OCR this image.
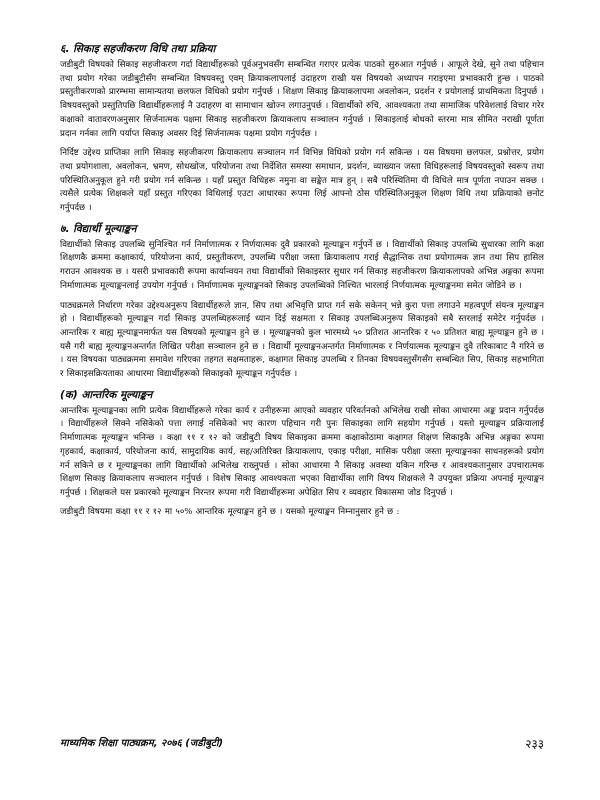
६. सिकाइ सहजीकरण विधि तथा प्रक्रिया

जडीबुटी विषयको सिकाइ सहजीकरण गर्दा विद्यार्थीहरूको पूर्वअनुभवसँग सम्बन्धित गराएर प्रत्येक पाठको सुरुआत गर्नुपर्छ । आफूले देखे, सुने तथा पहिचान तथा प्रयोग गरेका जडीबुटीसँग सम्बन्धित विषयवस्तु एवम् क्रियाकलापलाई उदाहरण राखी यस विषयको अध्यापन गराइएमा प्रभावकारी हुन्छ । पाठको प्रस्तुतीकरणको प्रारम्भमा सामान्यतया छलफल विधिको प्रयोग गर्नुपर्छ । शिक्षण सिकाइ क्रियाकलापमा अवलोकन, प्रदर्शन र प्रयोगलाई प्राथमिकता दिनुपर्छ । विषयवस्तुको प्रस्तुतिपछि विद्यार्थीहरूलाई नै उदाहरण वा सामाधान खोज्न लगाउनुपर्छ । विद्यार्थीको रुचि, आवश्यकता तथा सामाजिक परिवेशलाई विचार गरेर कक्षाको वातावरणअनुसार सिर्जनात्मक पक्षमा सिकाइ सहजीकरण क्रियाकलाप सञ्चालन गर्नुपर्छ । सिकाइलाई बोधको स्तरमा मात्र सीमित नराखी पूर्णता प्रदान गर्नका लागि पर्याप्त सिकाइ अवसर दिई सिर्जनात्मक पक्षमा प्रयोग गर्नुपर्दछ ।

निर्दिष्ट उद्देश्य प्राप्तिका लागि सिकाइ सहजीकरण क्रियाकलाप सञ्चालन गर्न विभिन्न विधिको प्रयोग गर्न सकिन्छ । यस विषयमा छलफल, प्रश्नोत्तर, प्रयोग तथा प्रयोगशाला, अवलोकन, भ्रमण, सोधखोज, परियोजना तथा निर्देशित समस्या समाधान, प्रदर्शन, व्याख्यान जस्ता विधिहरूलाई विषयवस्तुको स्वरूप तथा परिस्थितिअनुकूल हुने गरी प्रयोग गर्न सकिन्छ । यहाँ प्रस्तुत विधिहरू नमुना वा सङ्केत मात्र हुन् । सबै परिस्थितिमा यी विधिले मात्र पूर्णता नपाउन सक्छ । त्यसैले प्रत्येक शिक्षकले यहाँ प्रस्तुत गरिएका विधिलाई एउटा आधारका रूपमा लिई आफ्नो ठोस परिस्थितिअनुकूल शिक्षण विधि तथा प्रक्रियाको छनोट गर्नुपर्दछ ।

७. विद्यार्थी मूल्याङ्कन

विद्यार्थीको सिकाइ उपलब्धि सुनिश्चित गर्न निर्माणात्मक र निर्णयात्मक दुवै प्रकारको मूल्याङ्कन गर्नुपर्ने छ । विद्यार्थीको सिकाइ उपलब्धि सुधारका लागि कक्षा शिक्षणकै क्रममा कक्षाकार्य, परियोजना कार्य, प्रस्तुतीकरण, उपलब्धि परीक्षा जस्ता क्रियाकलाप गराई सैद्धान्तिक तथा प्रयोगात्मक ज्ञान तथा सिप हासिल गराउन आवश्यक छ । यसरी प्रभावकारी रूपमा कार्यान्वयन तथा विद्यार्थीको सिकाइस्तर सुधार गर्न सिकाइ सहजीकरण क्रियाकलापको अभिन्न अङ्गका रूपमा निर्माणात्मक मूल्याङ्कनलाई उपयोग गर्नुपर्छ । निर्माणात्मक मूल्याङ्कनको सिकाइ उपलब्धिको निश्चित भारलाई निर्णयात्मक मूल्याङ्कनमा समेत जोडिने छ ।

पाठ्यक्रमले निर्धारण गरेका उद्देश्यअनुरूप विद्यार्थीहरूले ज्ञान, सिप तथा अभिवृत्ति प्राप्त गर्न सके सकेनन् भन्ने कुरा पत्ता लगाउने महत्वपूर्ण संयन्त्र मूल्याङ्कन हो । विद्यार्थीहरूको मूल्याङ्कन गर्दा सिकाइ उपलब्धिहरूलाई ध्यान दिई सक्षमता र सिकाइ उपलब्धिअनुरूप सिकाइको सबै स्तरलाई समेटेर गर्नुपर्दछ । आन्तरिक र बाह्य मूल्याङ्कनमार्फत यस विषयको मूल्याङ्कन हुने छ । मूल्याङ्कनको कुल भारमध्ये ५० प्रतिशत आन्तरिक र ५० प्रतिशत बाह्य मूल्याङ्कन हुने छ । यसै गरी बाह्य मूल्याङ्कनअन्तर्गत लिखित परीक्षा सञ्चालन हुने छ । विद्यार्थी मूल्याङ्कनअन्तर्गत निर्माणात्मक र निर्णयात्मक मूल्याङ्कन दुवै तरिकाबाट नै गरिने छ । यस विषयका पाठ्यक्रममा समावेश गरिएका तहगत सक्षमताहरू, कक्षागत सिकाइ उपलब्धि र तिनका विषयवस्तुसँगसँग सम्बन्धित सिप, सिकाइ सहभागिता र सिकाइसक्रियताका आधारमा विद्यार्थीहरूको सिकाइको मूल्याङ्कन गर्नुपर्दछ ।

(क) आन्तरिक मूल्याङ्कन

आन्तरिक मूल्याङ्कनका लागि प्रत्येक विद्यार्थीहरूले गरेका कार्य र उनीहरूमा आएको व्यवहार परिवर्तनको अभिलेख राखी सोका आधारमा अङ्क प्रदान गर्नुपर्दछ । विद्यार्थीहरूले सिक्ने नसिकेको पत्ता लगाई नसिकेको भए कारण पहिचान गरी पुनः सिकाइका लागि सहयोग गर्नुपर्छ । यस्तो मूल्याङ्कन प्रक्रियालाई निर्माणात्मक मूल्याङ्कन भनिन्छ । कक्षा ११ र १२ को जडीबुटी विषय सिकाइका क्रममा कक्षाकोठामा कक्षागत शिक्षण सिकाइकै अभिन्न अङ्गका रूपमा गृहकार्य, कक्षाकार्य, परियोजना कार्य, सामुदायिक कार्य, सह/अतिरिक्त क्रियाकलाप, एकाइ परीक्षा, मासिक परीक्षा जस्ता मूल्याङ्कनका साधनहरूको प्रयोग गर्न सकिने छ र मूल्याङ्कनका लागि विद्यार्थीको अभिलेख राख्नुपर्छ । सोका आधारमा नै सिकाइ अवस्था यकिन गरिन्छ र आवश्यकतानुसार उपचारात्मक शिक्षण सिकाइ क्रियाकलाप सञ्चालन गर्नुपर्छ । विशेष सिकाइ आवश्यकता भएका विद्यार्थीका लागि विषय शिक्षकले नै उपयुक्त प्रक्रिया अपनाई मूल्याङ्कन गर्नुपर्छ । शिक्षकले यस प्रकारको मूल्याङ्कन निरन्तर रूपमा गरी विद्यार्थीहरूमा अपेक्षित सिप र व्यवहार विकासमा जोड दिनुपर्छ ।

जडीबुटी विषयमा कक्षा ११ र १२ मा ५०% आन्तरिक मूल्याङ्कन हुने छ । यसको मूल्याङ्कन निम्नानुसार हुने छ :

माध्यमिक शिक्षा पाठ्यक्रम, २०७६ (जडीबुटी)	२३३
